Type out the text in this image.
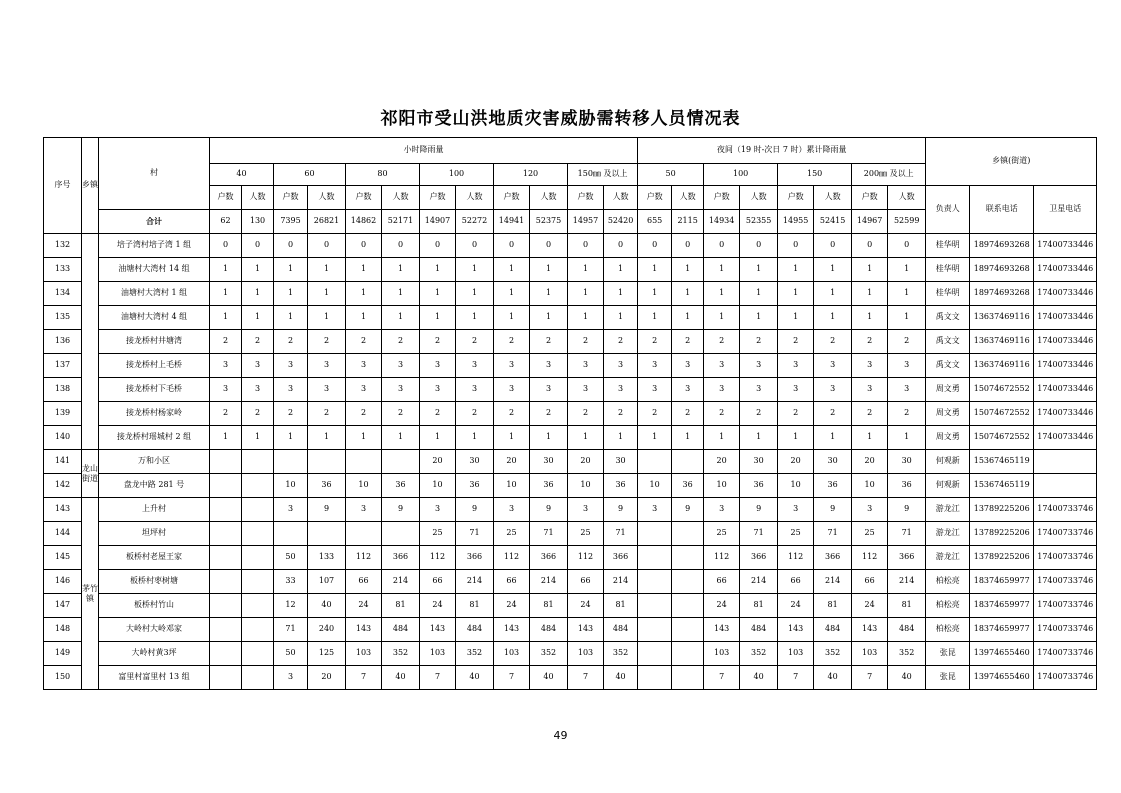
祁阳市受山洪地质灾害威胁需转移人员情况表
序号	乡镇	村	小时降雨量												夜间（19 时-次日 7 时）累计降雨量								乡镇(街道)		
			40		60		80		100		120		150㎜ 及以上		50		100		150		200㎜ 及以上				
			户数	人数	户数	人数	户数	人数	户数	人数	户数	人数	户数	人数	户数	人数	户数	人数	户数	人数	户数	人数	负责人	联系电话	卫星电话
		合计	62	130	7395	26821	14862	52171	14907	52272	14941	52375	14957	52420	655	2115	14934	52355	14955	52415	14967	52599			
132		培子湾村培子湾 1 组	0	0	0	0	0	0	0	0	0	0	0	0	0	0	0	0	0	0	0	0	桂华明	18974693268	17400733446
133		油塘村大湾村 14 组	1	1	1	1	1	1	1	1	1	1	1	1	1	1	1	1	1	1	1	1	桂华明	18974693268	17400733446
134		油塘村大湾村 1 组	1	1	1	1	1	1	1	1	1	1	1	1	1	1	1	1	1	1	1	1	桂华明	18974693268	17400733446
135		油塘村大湾村 4 组	1	1	1	1	1	1	1	1	1	1	1	1	1	1	1	1	1	1	1	1	禹文文	13637469116	17400733446
136		接龙桥村井塘湾	2	2	2	2	2	2	2	2	2	2	2	2	2	2	2	2	2	2	2	2	禹文文	13637469116	17400733446
137		接龙桥村上毛桥	3	3	3	3	3	3	3	3	3	3	3	3	3	3	3	3	3	3	3	3	禹文文	13637469116	17400733446
138		接龙桥村下毛桥	3	3	3	3	3	3	3	3	3	3	3	3	3	3	3	3	3	3	3	3	周文勇	15074672552	17400733446
139		接龙桥村杨家岭	2	2	2	2	2	2	2	2	2	2	2	2	2	2	2	2	2	2	2	2	周文勇	15074672552	17400733446
140		接龙桥村瑶城村 2 组	1	1	1	1	1	1	1	1	1	1	1	1	1	1	1	1	1	1	1	1	周文勇	15074672552	17400733446
141	龙山街道	万和小区							20	30	20	30	20	30			20	30	20	30	20	30	何观新	15367465119	
142		盘龙中路 281 号			10	36	10	36	10	36	10	36	10	36	10	36	10	36	10	36	10	36	何观新	15367465119	
143	茅竹镇	上升村			3	9	3	9	3	9	3	9	3	9	3	9	3	9	3	9	3	9	游龙江	13789225206	17400733746
144		坦坪村							25	71	25	71	25	71			25	71	25	71	25	71	游龙江	13789225206	17400733746
145		板桥村老屋王家			50	133	112	366	112	366	112	366	112	366			112	366	112	366	112	366	游龙江	13789225206	17400733746
146		板桥村枣树塘			33	107	66	214	66	214	66	214	66	214			66	214	66	214	66	214	柏松亮	18374659977	17400733746
147		板桥村竹山			12	40	24	81	24	81	24	81	24	81			24	81	24	81	24	81	柏松亮	18374659977	17400733746
148		大岭村大岭邓家			71	240	143	484	143	484	143	484	143	484			143	484	143	484	143	484	柏松亮	18374659977	17400733746
149		大岭村黄3坪			50	125	103	352	103	352	103	352	103	352			103	352	103	352	103	352	张昆	13974655460	17400733746
150		富里村富里村 13 组			3	20	7	40	7	40	7	40	7	40			7	40	7	40	7	40	张昆	13974655460	17400733746
49
